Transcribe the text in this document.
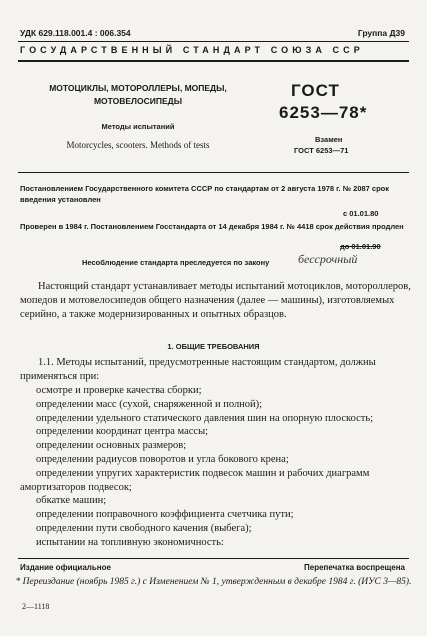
УДК 629.118.001.4 : 006.354	Группа Д39
ГОСУДАРСТВЕННЫЙ СТАНДАРТ СОЮЗА ССР
МОТОЦИКЛЫ, МОТОРОЛЛЕРЫ, МОПЕДЫ, МОТОВЕЛОСИПЕДЫ
Методы испытаний
Motorcycles, scooters. Methods of tests
ГОСТ
6253—78*
Взамен
ГОСТ 6253—71
Постановлением Государственного комитета СССР по стандартам от 2 августа 1978 г. № 2087 срок введения установлен
с 01.01.80
Проверен в 1984 г. Постановлением Госстандарта от 14 декабря 1984 г. № 4418 срок действия продлен
до 01.01.90
Несоблюдение стандарта преследуется по закону бессрочный
Настоящий стандарт устанавливает методы испытаний мотоциклов, мотороллеров, мопедов и мотовелосипедов общего назначения (далее — машины), изготовляемых серийно, а также модернизированных и опытных образцов.
1. ОБЩИЕ ТРЕБОВАНИЯ
1.1. Методы испытаний, предусмотренные настоящим стандартом, должны применяться при:
осмотре и проверке качества сборки;
определении масс (сухой, снаряженной и полной);
определении удельного статического давления шин на опорную плоскость;
определении координат центра массы;
определении основных размеров;
определении радиусов поворотов и угла бокового крена;
определении упругих характеристик подвесок машин и рабочих диаграмм амортизаторов подвесок;
обкатке машин;
определении поправочного коэффициента счетчика пути;
определении пути свободного качения (выбега);
испытании на топливную экономичность:
Издание официальное	Перепечатка воспрещена
* Переиздание (ноябрь 1985 г.) с Изменением № 1, утвержденным в декабре 1984 г. (ИУС 3—85).
2—1118
